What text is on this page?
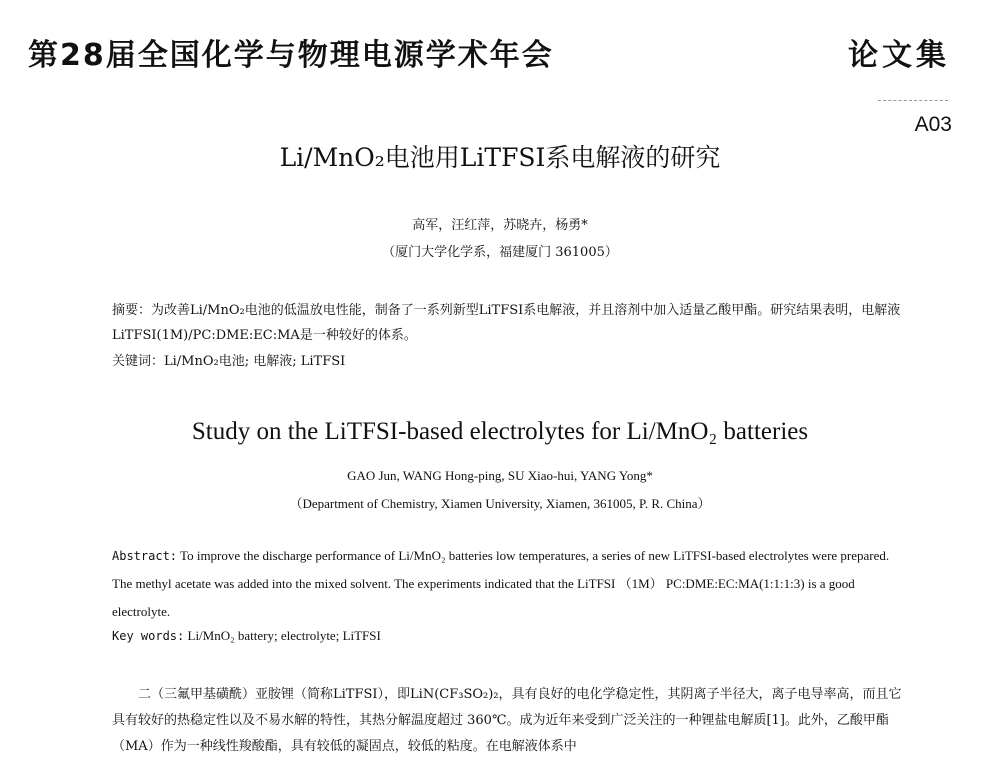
第28届全国化学与物理电源学术年会	论文集
A03
Li/MnO₂电池用LiTFSI系电解液的研究
高军，汪红萍，苏晓卉，杨勇*
（厦门大学化学系，福建厦门 361005）
摘要：为改善Li/MnO₂电池的低温放电性能，制备了一系列新型LiTFSI系电解液，并且溶剂中加入适量乙酸甲酯。研究结果表明，电解液LiTFSI(1M)/PC:DME:EC:MA是一种较好的体系。
关键词：Li/MnO₂电池; 电解液; LiTFSI
Study on the LiTFSI-based electrolytes for Li/MnO₂ batteries
GAO Jun, WANG Hong-ping, SU Xiao-hui, YANG Yong*
（Department of Chemistry, Xiamen University, Xiamen, 361005, P. R. China）
Abstract: To improve the discharge performance of Li/MnO₂ batteries low temperatures, a series of new LiTFSI-based electrolytes were prepared. The methyl acetate was added into the mixed solvent. The experiments indicated that the LiTFSI （1M） PC:DME:EC:MA(1:1:1:3) is a good electrolyte.
Key words: Li/MnO₂ battery; electrolyte; LiTFSI
二（三氟甲基磺酰）亚胺锂（简称LiTFSI），即LiN(CF₃SO₂)₂，具有良好的电化学稳定性，其阴离子半径大，离子电导率高，而且它具有较好的热稳定性以及不易水解的特性，其热分解温度超过 360℃。成为近年来受到广泛关注的一种锂盐电解质[1]。此外，乙酸甲酯（MA）作为一种线性羧酸酯，具有较低的凝固点，较低的粘度。在电解液体系中
